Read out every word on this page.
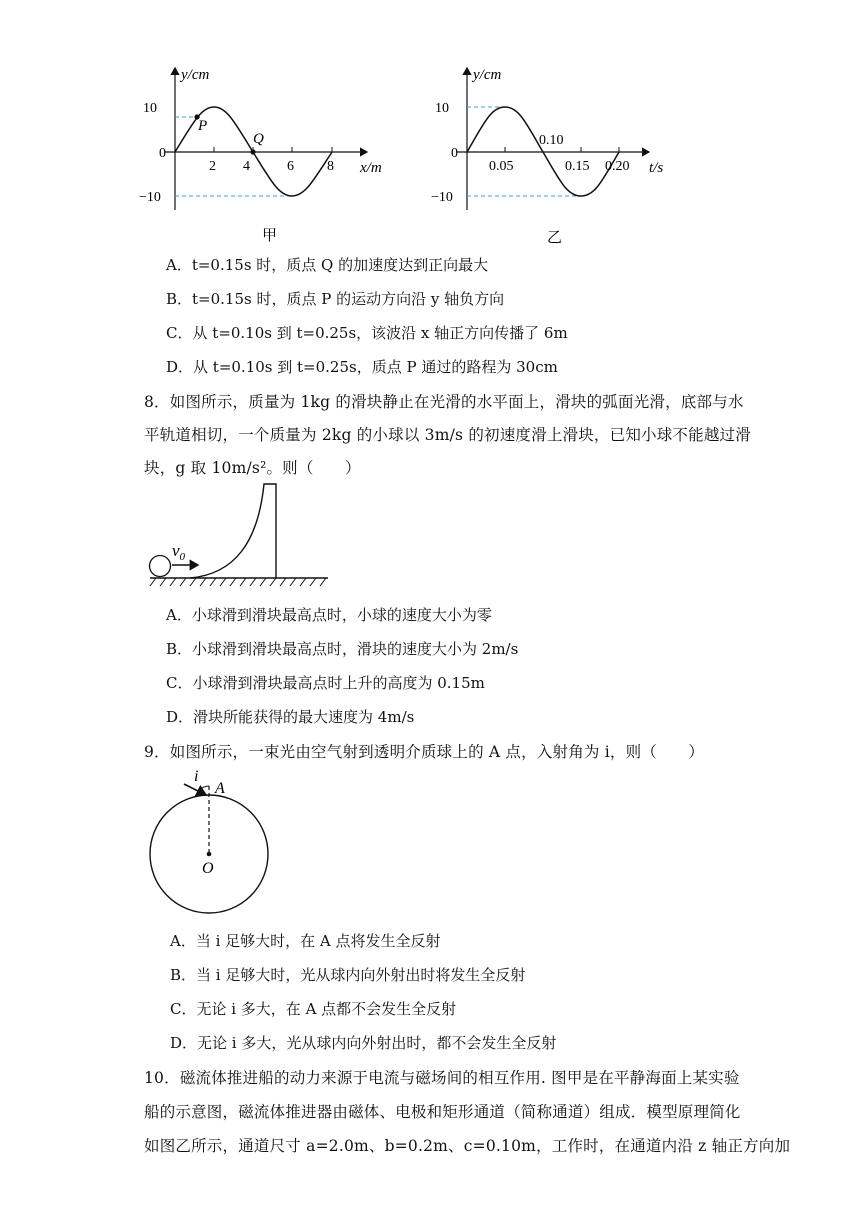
y/cm
10
0
−10
2 4	6 8 x/m
P
Q
甲
y/cm
10
0
−10
0.05
0.10
0.15 0.20 t/s
乙
A．t=0.15s 时，质点 Q 的加速度达到正向最大
B．t=0.15s 时，质点 P 的运动方向沿 y 轴负方向
C．从 t=0.10s 到 t=0.25s，该波沿 x 轴正方向传播了 6m
D．从 t=0.10s 到 t=0.25s，质点 P 通过的路程为 30cm
8．如图所示，质量为 1kg 的滑块静止在光滑的水平面上，滑块的弧面光滑，底部与水
平轨道相切，一个质量为 2kg 的小球以 3m/s 的初速度滑上滑块，已知小球不能越过滑
块，g 取 10m/s²。则（　　）
$v_0$
A．小球滑到滑块最高点时，小球的速度大小为零
B．小球滑到滑块最高点时，滑块的速度大小为 2m/s
C．小球滑到滑块最高点时上升的高度为 0.15m
D．滑块所能获得的最大速度为 4m/s
9．如图所示，一束光由空气射到透明介质球上的 A 点，入射角为 i，则（　　）
i
A
O
A．当 i 足够大时，在 A 点将发生全反射
B．当 i 足够大时，光从球内向外射出时将发生全反射
C．无论 i 多大，在 A 点都不会发生全反射
D．无论 i 多大，光从球内向外射出时，都不会发生全反射
10．磁流体推进船的动力来源于电流与磁场间的相互作用. 图甲是在平静海面上某实验
船的示意图，磁流体推进器由磁体、电极和矩形通道（简称通道）组成．模型原理简化
如图乙所示，通道尺寸 a=2.0m、b=0.2m、c=0.10m，工作时，在通道内沿 z 轴正方向加
